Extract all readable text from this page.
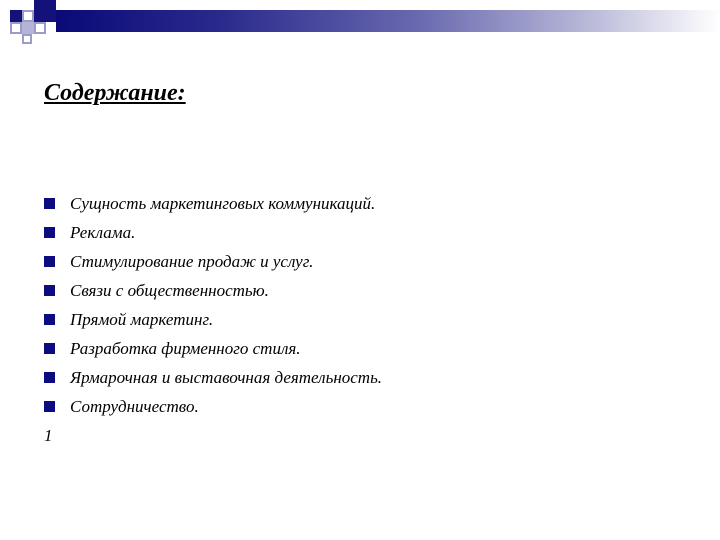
Содержание:
Сущность маркетинговых коммуникаций.
Реклама.
Стимулирование продаж и услуг.
Связи с общественностью.
Прямой маркетинг.
Разработка фирменного стиля.
Ярмарочная и выставочная деятельность.
Сотрудничество.
1
